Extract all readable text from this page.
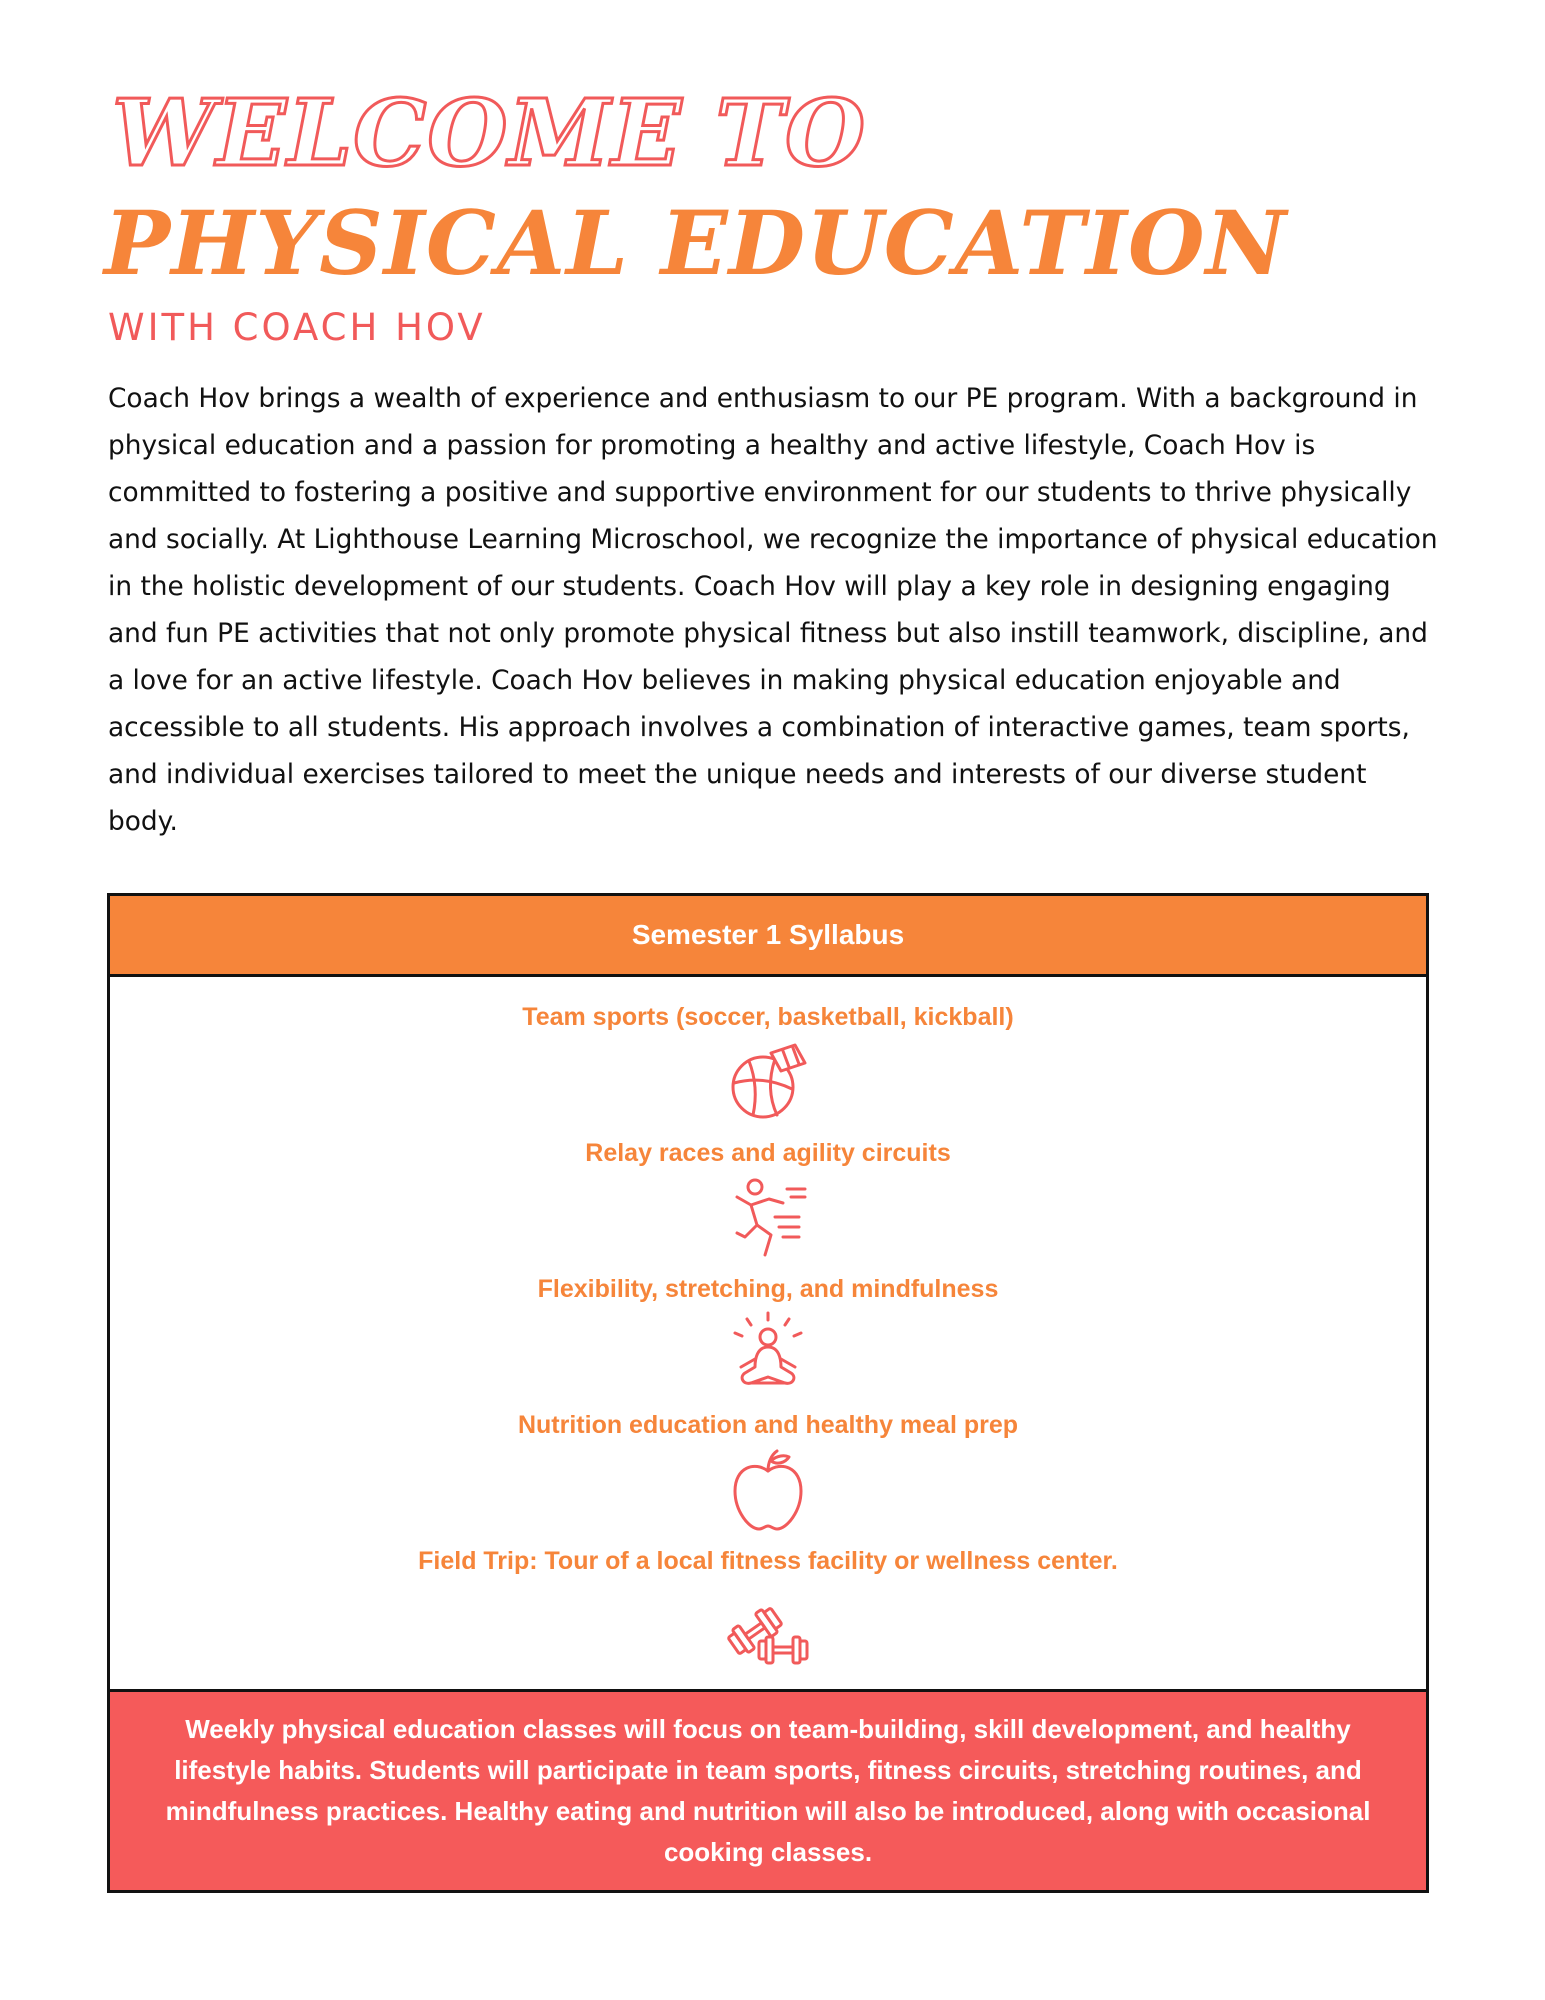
WELCOME TO
PHYSICAL EDUCATION
WITH COACH HOV

Coach Hov brings a wealth of experience and enthusiasm to our PE program. With a background in physical education and a passion for promoting a healthy and active lifestyle, Coach Hov is committed to fostering a positive and supportive environment for our students to thrive physically and socially. At Lighthouse Learning Microschool, we recognize the importance of physical education in the holistic development of our students. Coach Hov will play a key role in designing engaging and fun PE activities that not only promote physical fitness but also instill teamwork, discipline, and a love for an active lifestyle. Coach Hov believes in making physical education enjoyable and accessible to all students. His approach involves a combination of interactive games, team sports, and individual exercises tailored to meet the unique needs and interests of our diverse student body.

Semester 1 Syllabus
Team sports (soccer, basketball, kickball)
Relay races and agility circuits
Flexibility, stretching, and mindfulness
Nutrition education and healthy meal prep
Field Trip: Tour of a local fitness facility or wellness center.
Weekly physical education classes will focus on team-building, skill development, and healthy lifestyle habits. Students will participate in team sports, fitness circuits, stretching routines, and mindfulness practices. Healthy eating and nutrition will also be introduced, along with occasional cooking classes.
